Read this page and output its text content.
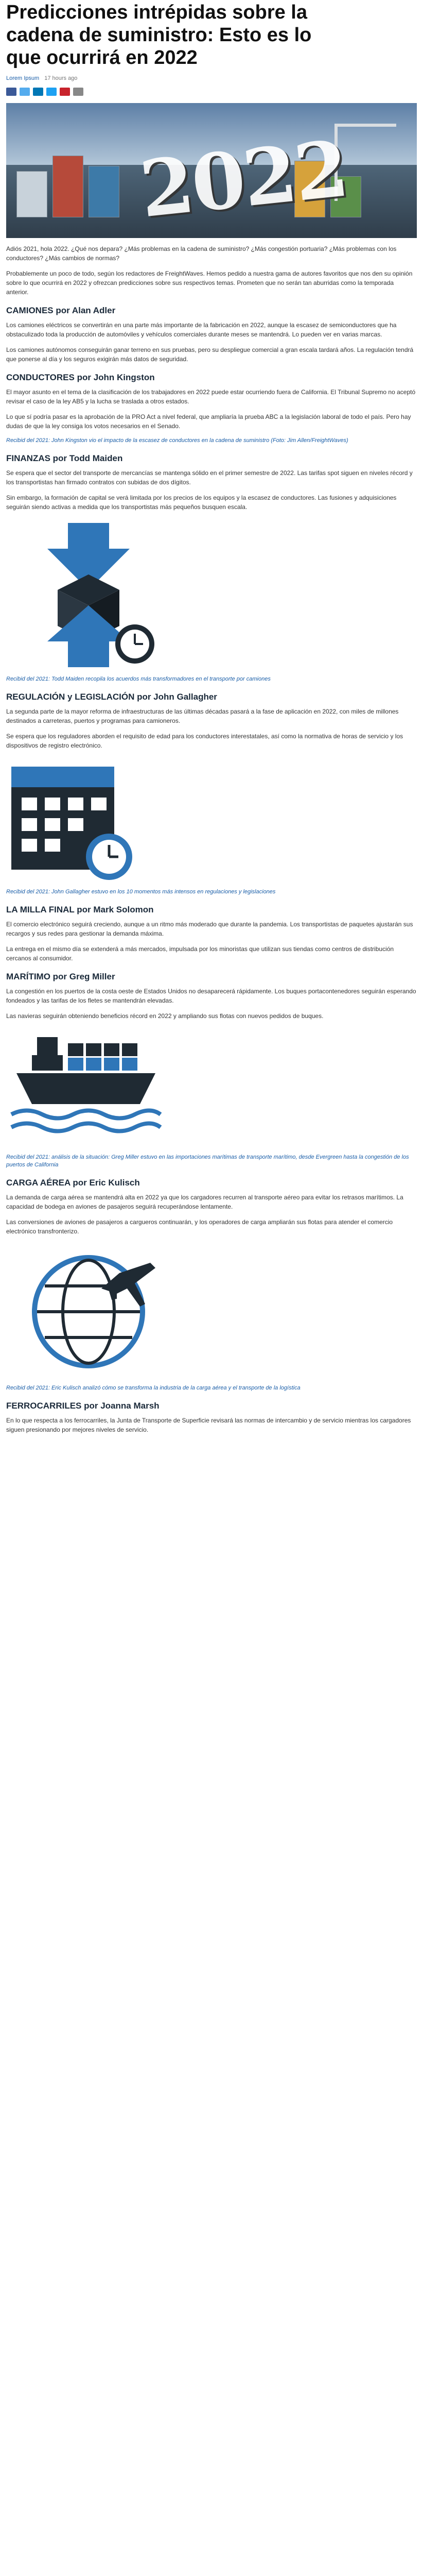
Predicciones intrépidas sobre la cadena de suministro: Esto es lo que ocurrirá en 2022
Lorem Ipsum 17 hours ago
2022

Adiós 2021, hola 2022. ¿Qué nos depara? ¿Más problemas en la cadena de suministro? ¿Más congestión portuaria? ¿Más problemas con los conductores? ¿Más cambios de normas?

Probablemente un poco de todo, según los redactores de FreightWaves. Hemos pedido a nuestra gama de autores favoritos que nos den su opinión sobre lo que ocurrirá en 2022 y ofrezcan predicciones sobre sus respectivos temas. Prometen que no serán tan aburridas como la temporada anterior.

CAMIONES por Alan Adler

Los camiones eléctricos se convertirán en una parte más importante de la fabricación en 2022, aunque la escasez de semiconductores que ha obstaculizado toda la producción de automóviles y vehículos comerciales durante meses se mantendrá. Lo pueden ver en varias marcas.

Los camiones autónomos conseguirán ganar terreno en sus pruebas, pero su despliegue comercial a gran escala tardará años. La regulación tendrá que ponerse al día y los seguros exigirán más datos de seguridad.

CONDUCTORES por John Kingston

El mayor asunto en el tema de la clasificación de los trabajadores en 2022 puede estar ocurriendo fuera de California. El Tribunal Supremo no aceptó revisar el caso de la ley AB5 y la lucha se traslada a otros estados.

Lo que sí podría pasar es la aprobación de la PRO Act a nivel federal, que ampliaría la prueba ABC a la legislación laboral de todo el país. Pero hay dudas de que la ley consiga los votos necesarios en el Senado.

Recibid del 2021: John Kingston vio el impacto de la escasez de conductores en la cadena de suministro (Foto: Jim Allen/FreightWaves)
FINANZAS por Todd Maiden

Se espera que el sector del transporte de mercancías se mantenga sólido en el primer semestre de 2022. Las tarifas spot siguen en niveles récord y los transportistas han firmado contratos con subidas de dos dígitos.

Sin embargo, la formación de capital se verá limitada por los precios de los equipos y la escasez de conductores. Las fusiones y adquisiciones seguirán siendo activas a medida que los transportistas más pequeños busquen escala.

Recibid del 2021: Todd Maiden recopila los acuerdos más transformadores en el transporte por camiones
REGULACIÓN y LEGISLACIÓN por John Gallagher

La segunda parte de la mayor reforma de infraestructuras de las últimas décadas pasará a la fase de aplicación en 2022, con miles de millones destinados a carreteras, puertos y programas para camioneros.

Se espera que los reguladores aborden el requisito de edad para los conductores interestatales, así como la normativa de horas de servicio y los dispositivos de registro electrónico.

Recibid del 2021: John Gallagher estuvo en los 10 momentos más intensos en regulaciones y legislaciones
LA MILLA FINAL por Mark Solomon

El comercio electrónico seguirá creciendo, aunque a un ritmo más moderado que durante la pandemia. Los transportistas de paquetes ajustarán sus recargos y sus redes para gestionar la demanda máxima.

La entrega en el mismo día se extenderá a más mercados, impulsada por los minoristas que utilizan sus tiendas como centros de distribución cercanos al consumidor.

MARÍTIMO por Greg Miller

La congestión en los puertos de la costa oeste de Estados Unidos no desaparecerá rápidamente. Los buques portacontenedores seguirán esperando fondeados y las tarifas de los fletes se mantendrán elevadas.

Las navieras seguirán obteniendo beneficios récord en 2022 y ampliando sus flotas con nuevos pedidos de buques.

Recibid del 2021: análisis de la situación: Greg Miller estuvo en las importaciones marítimas de transporte marítimo, desde Evergreen hasta la congestión de los puertos de California
CARGA AÉREA por Eric Kulisch

La demanda de carga aérea se mantendrá alta en 2022 ya que los cargadores recurren al transporte aéreo para evitar los retrasos marítimos. La capacidad de bodega en aviones de pasajeros seguirá recuperándose lentamente.

Las conversiones de aviones de pasajeros a cargueros continuarán, y los operadores de carga ampliarán sus flotas para atender el comercio electrónico transfronterizo.

Recibid del 2021: Eric Kulisch analizó cómo se transforma la industria de la carga aérea y el transporte de la logística
FERROCARRILES por Joanna Marsh

En lo que respecta a los ferrocarriles, la Junta de Transporte de Superficie revisará las normas de intercambio y de servicio mientras los cargadores siguen presionando por mejores niveles de servicio.
